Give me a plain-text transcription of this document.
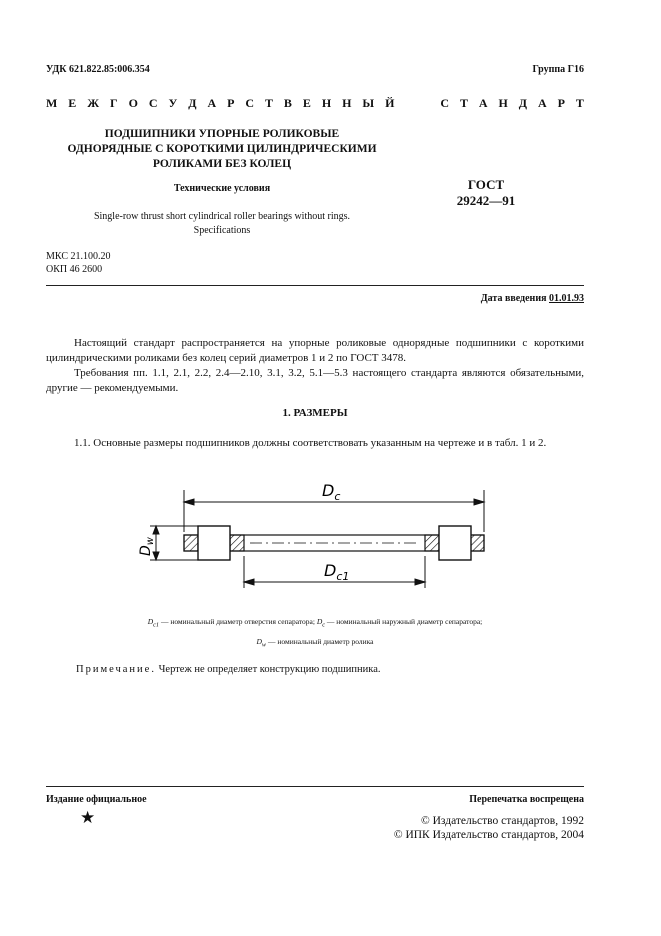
УДК 621.822.85:006.354	Группа Г16
М Е Ж Г О С У Д А Р С Т В Е Н Н Ы Й	С Т А Н Д А Р Т
ПОДШИПНИКИ УПОРНЫЕ РОЛИКОВЫЕ
ОДНОРЯДНЫЕ С КОРОТКИМИ ЦИЛИНДРИЧЕСКИМИ
РОЛИКАМИ БЕЗ КОЛЕЦ
Технические условия
Single-row thrust short cylindrical roller bearings without rings.
Specifications
ГОСТ
29242—91
МКС 21.100.20
ОКП 46 2600
Дата введения 01.01.93

Настоящий стандарт распространяется на упорные роликовые однорядные подшипники с короткими цилиндрическими роликами без колец серий диаметров 1 и 2 по ГОСТ 3478.

Требования пп. 1.1, 2.1, 2.2, 2.4—2.10, 3.1, 3.2, 5.1—5.3 настоящего стандарта являются обязательными, другие — рекомендуемыми.

1. РАЗМЕРЫ

1.1. Основные размеры подшипников должны соответствовать указанным на чертеже и в табл. 1 и 2.

$D_c$
$D_{c1}$
$D_w$
$D_{c1}$ — номинальный диаметр отверстия сепаратора; $D_c$ — номинальный наружный диаметр сепаратора;
$D_w$ — номинальный диаметр ролика
Примечание. Чертеж не определяет конструкцию подшипника.
Издание официальное	Перепечатка воспрещена
★	© Издательство стандартов, 1992
© ИПК Издательство стандартов, 2004
